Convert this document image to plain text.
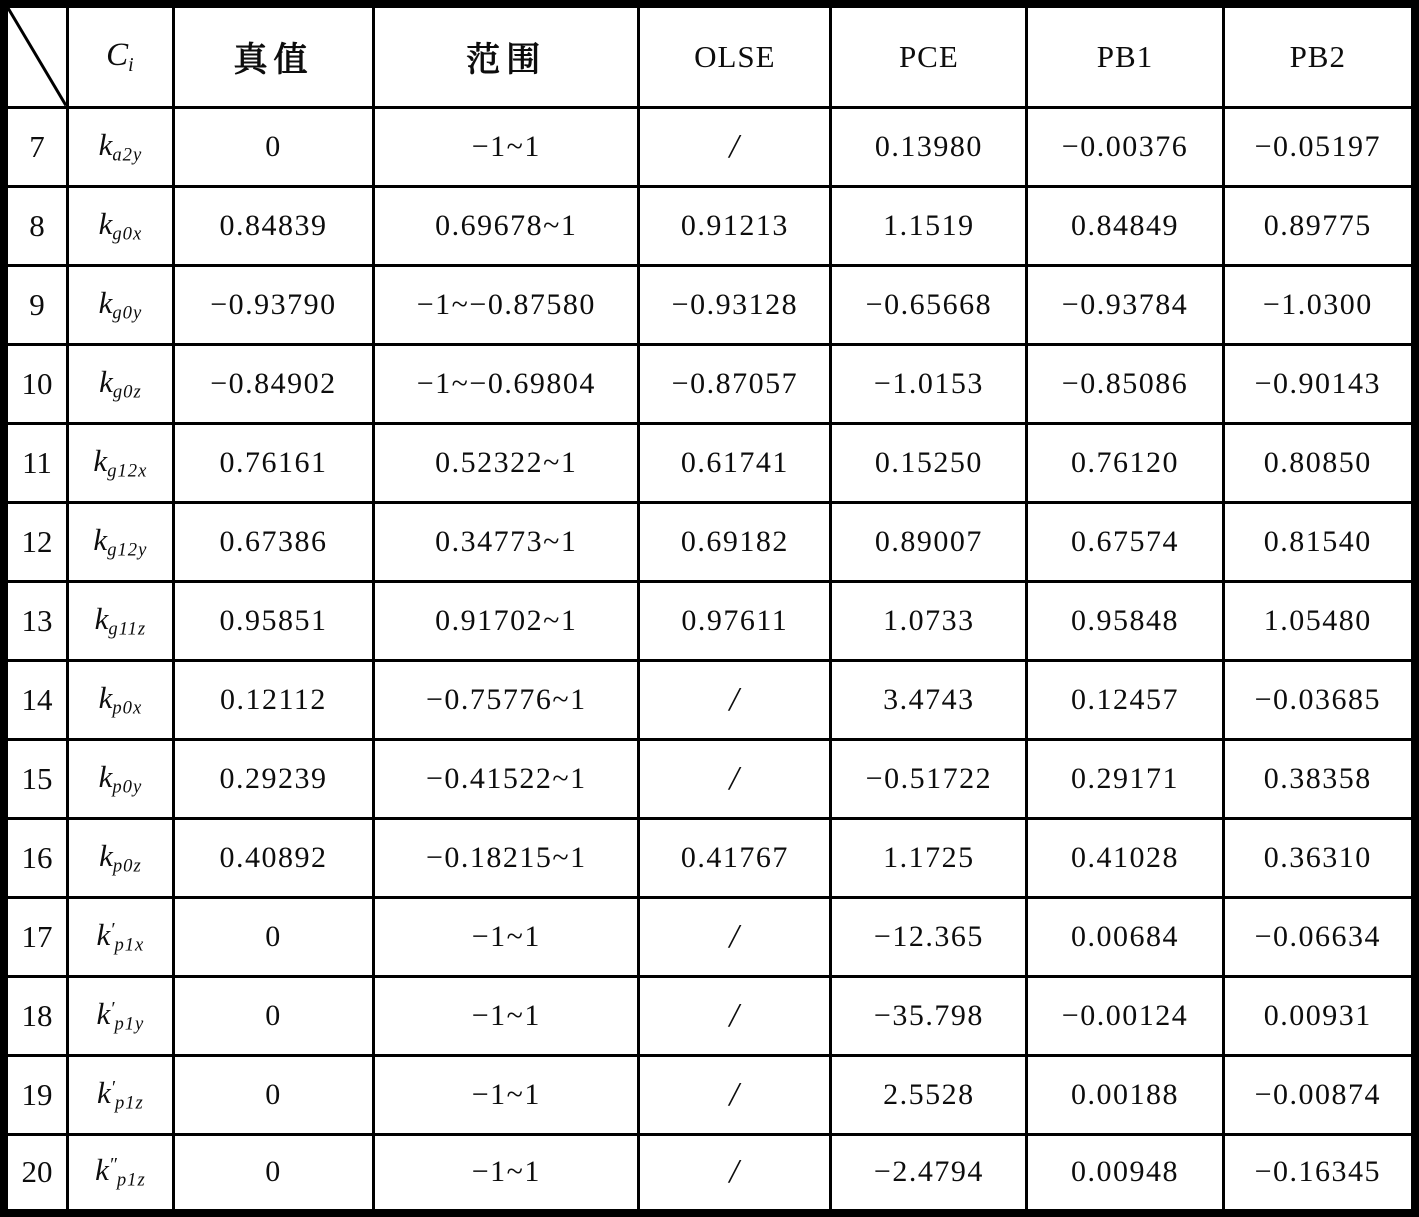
	Ci	真值	范围	OLSE	PCE	PB1	PB2
7	ka2y	0	−1~1	/	0.13980	−0.00376	−0.05197
8	kg0x	0.84839	0.69678~1	0.91213	1.1519	0.84849	0.89775
9	kg0y	−0.93790	−1~−0.87580	−0.93128	−0.65668	−0.93784	−1.0300
10	kg0z	−0.84902	−1~−0.69804	−0.87057	−1.0153	−0.85086	−0.90143
11	kg12x	0.76161	0.52322~1	0.61741	0.15250	0.76120	0.80850
12	kg12y	0.67386	0.34773~1	0.69182	0.89007	0.67574	0.81540
13	kg11z	0.95851	0.91702~1	0.97611	1.0733	0.95848	1.05480
14	kp0x	0.12112	−0.75776~1	/	3.4743	0.12457	−0.03685
15	kp0y	0.29239	−0.41522~1	/	−0.51722	0.29171	0.38358
16	kp0z	0.40892	−0.18215~1	0.41767	1.1725	0.41028	0.36310
17	k′p1x	0	−1~1	/	−12.365	0.00684	−0.06634
18	k′p1y	0	−1~1	/	−35.798	−0.00124	0.00931
19	k′p1z	0	−1~1	/	2.5528	0.00188	−0.00874
20	k″p1z	0	−1~1	/	−2.4794	0.00948	−0.16345
